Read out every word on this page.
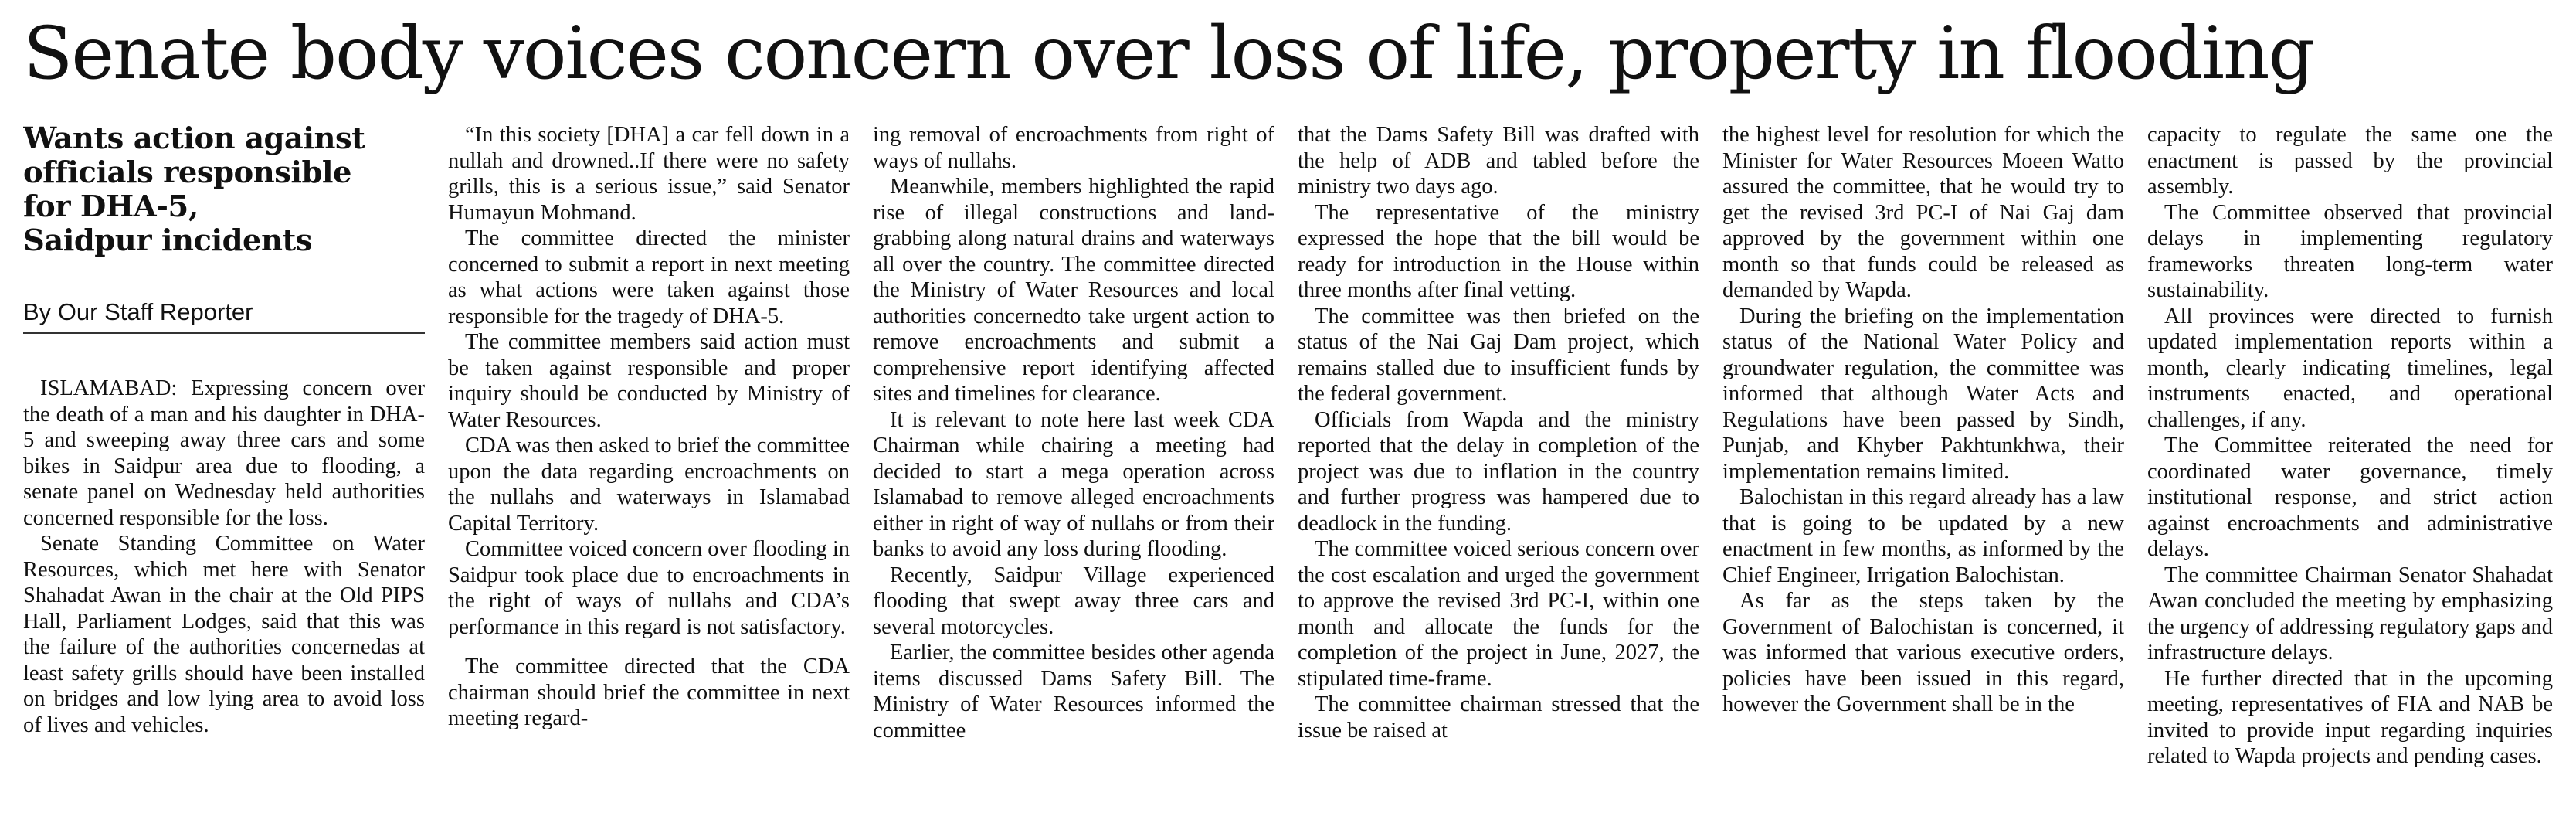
Senate body voices concern over loss of life, property in flooding
Wants action against
officials responsible
for DHA-5,
Saidpur incidents
By Our Staff Reporter

ISLAMABAD: Expressing concern over the death of a man and his daughter in DHA-5 and sweeping away three cars and some bikes in Saidpur area due to flooding, a senate panel on Wednesday held authorities concerned responsible for the loss.

Senate Standing Committee on Water Resources, which met here with Senator Shahadat Awan in the chair at the Old PIPS Hall, Parliament Lodges, said that this was the failure of the authorities concernedas at least safety grills should have been installed on bridges and low lying area to avoid loss of lives and vehicles.

“In this society [DHA] a car fell down in a nullah and drowned..If there were no safety grills, this is a serious issue,” said Senator Humayun Mohmand.

The committee directed the minister concerned to submit a report in next meeting as what actions were taken against those responsible for the tragedy of DHA-5.

The committee members said action must be taken against responsible and proper inquiry should be conducted by Ministry of Water Resources.

CDA was then asked to brief the committee upon the data regarding encroachments on the nullahs and waterways in Islamabad Capital Territory.

Committee voiced concern over flooding in Saidpur took place due to encroachments in the right of ways of nullahs and CDA’s performance in this regard is not satisfactory.

The committee directed that the CDA chairman should brief the committee in next meeting regard-

ing removal of encroachments from right of ways of nullahs.

Meanwhile, members highlighted the rapid rise of illegal constructions and land-grabbing along natural drains and waterways all over the country. The committee directed the Ministry of Water Resources and local authorities concernedto take urgent action to remove encroachments and submit a comprehensive report identifying affected sites and timelines for clearance.

It is relevant to note here last week CDA Chairman while chairing a meeting had decided to start a mega operation across Islamabad to remove alleged encroachments either in right of way of nullahs or from their banks to avoid any loss during flooding.

Recently, Saidpur Village experienced flooding that swept away three cars and several motorcycles.

Earlier, the committee besides other agenda items discussed Dams Safety Bill. The Ministry of Water Resources informed the committee

that the Dams Safety Bill was drafted with the help of ADB and tabled before the ministry two days ago.

The representative of the ministry expressed the hope that the bill would be ready for introduction in the House within three months after final vetting.

The committee was then briefed on the status of the Nai Gaj Dam project, which remains stalled due to insufficient funds by the federal government.

Officials from Wapda and the ministry reported that the delay in completion of the project was due to inflation in the country and further progress was hampered due to deadlock in the funding.

The committee voiced serious concern over the cost escalation and urged the government to approve the revised 3rd PC-I, within one month and allocate the funds for the completion of the project in June, 2027, the stipulated time-frame.

The committee chairman stressed that the issue be raised at

the highest level for resolution for which the Minister for Water Resources Moeen Watto assured the committee, that he would try to get the revised 3rd PC-I of Nai Gaj dam approved by the government within one month so that funds could be released as demanded by Wapda.

During the briefing on the implementation status of the National Water Policy and groundwater regulation, the committee was informed that although Water Acts and Regulations have been passed by Sindh, Punjab, and Khyber Pakhtunkhwa, their implementation remains limited.

Balochistan in this regard already has a law that is going to be updated by a new enactment in few months, as informed by the Chief Engineer, Irrigation Balochistan.

As far as the steps taken by the Government of Balochistan is concerned, it was informed that various executive orders, policies have been issued in this regard, however the Government shall be in the

capacity to regulate the same one the enactment is passed by the provincial assembly.

The Committee observed that provincial delays in implementing regulatory frameworks threaten long-term water sustainability.

All provinces were directed to furnish updated implementation reports within a month, clearly indicating timelines, legal instruments enacted, and operational challenges, if any.

The Committee reiterated the need for coordinated water governance, timely institutional response, and strict action against encroachments and administrative delays.

The committee Chairman Senator Shahadat Awan concluded the meeting by emphasizing the urgency of addressing regulatory gaps and infrastructure delays.

He further directed that in the upcoming meeting, representatives of FIA and NAB be invited to provide input regarding inquiries related to Wapda projects and pending cases.
